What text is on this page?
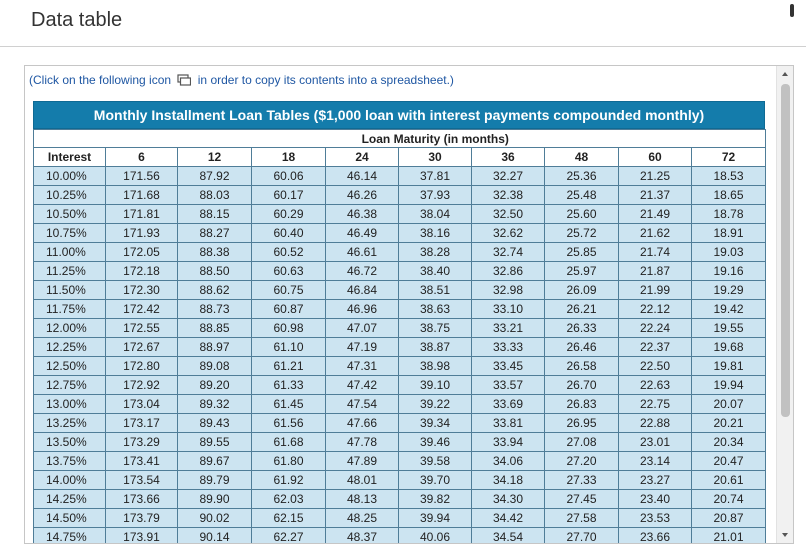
Data table
(Click on the following icon in order to copy its contents into a spreadsheet.)
Monthly Installment Loan Tables ($1,000 loan with interest payments compounded monthly)
	Loan Maturity (in months)								
Interest	6	12	18	24	30	36	48	60	72
10.00%	171.56	87.92	60.06	46.14	37.81	32.27	25.36	21.25	18.53
10.25%	171.68	88.03	60.17	46.26	37.93	32.38	25.48	21.37	18.65
10.50%	171.81	88.15	60.29	46.38	38.04	32.50	25.60	21.49	18.78
10.75%	171.93	88.27	60.40	46.49	38.16	32.62	25.72	21.62	18.91
11.00%	172.05	88.38	60.52	46.61	38.28	32.74	25.85	21.74	19.03
11.25%	172.18	88.50	60.63	46.72	38.40	32.86	25.97	21.87	19.16
11.50%	172.30	88.62	60.75	46.84	38.51	32.98	26.09	21.99	19.29
11.75%	172.42	88.73	60.87	46.96	38.63	33.10	26.21	22.12	19.42
12.00%	172.55	88.85	60.98	47.07	38.75	33.21	26.33	22.24	19.55
12.25%	172.67	88.97	61.10	47.19	38.87	33.33	26.46	22.37	19.68
12.50%	172.80	89.08	61.21	47.31	38.98	33.45	26.58	22.50	19.81
12.75%	172.92	89.20	61.33	47.42	39.10	33.57	26.70	22.63	19.94
13.00%	173.04	89.32	61.45	47.54	39.22	33.69	26.83	22.75	20.07
13.25%	173.17	89.43	61.56	47.66	39.34	33.81	26.95	22.88	20.21
13.50%	173.29	89.55	61.68	47.78	39.46	33.94	27.08	23.01	20.34
13.75%	173.41	89.67	61.80	47.89	39.58	34.06	27.20	23.14	20.47
14.00%	173.54	89.79	61.92	48.01	39.70	34.18	27.33	23.27	20.61
14.25%	173.66	89.90	62.03	48.13	39.82	34.30	27.45	23.40	20.74
14.50%	173.79	90.02	62.15	48.25	39.94	34.42	27.58	23.53	20.87
14.75%	173.91	90.14	62.27	48.37	40.06	34.54	27.70	23.66	21.01
